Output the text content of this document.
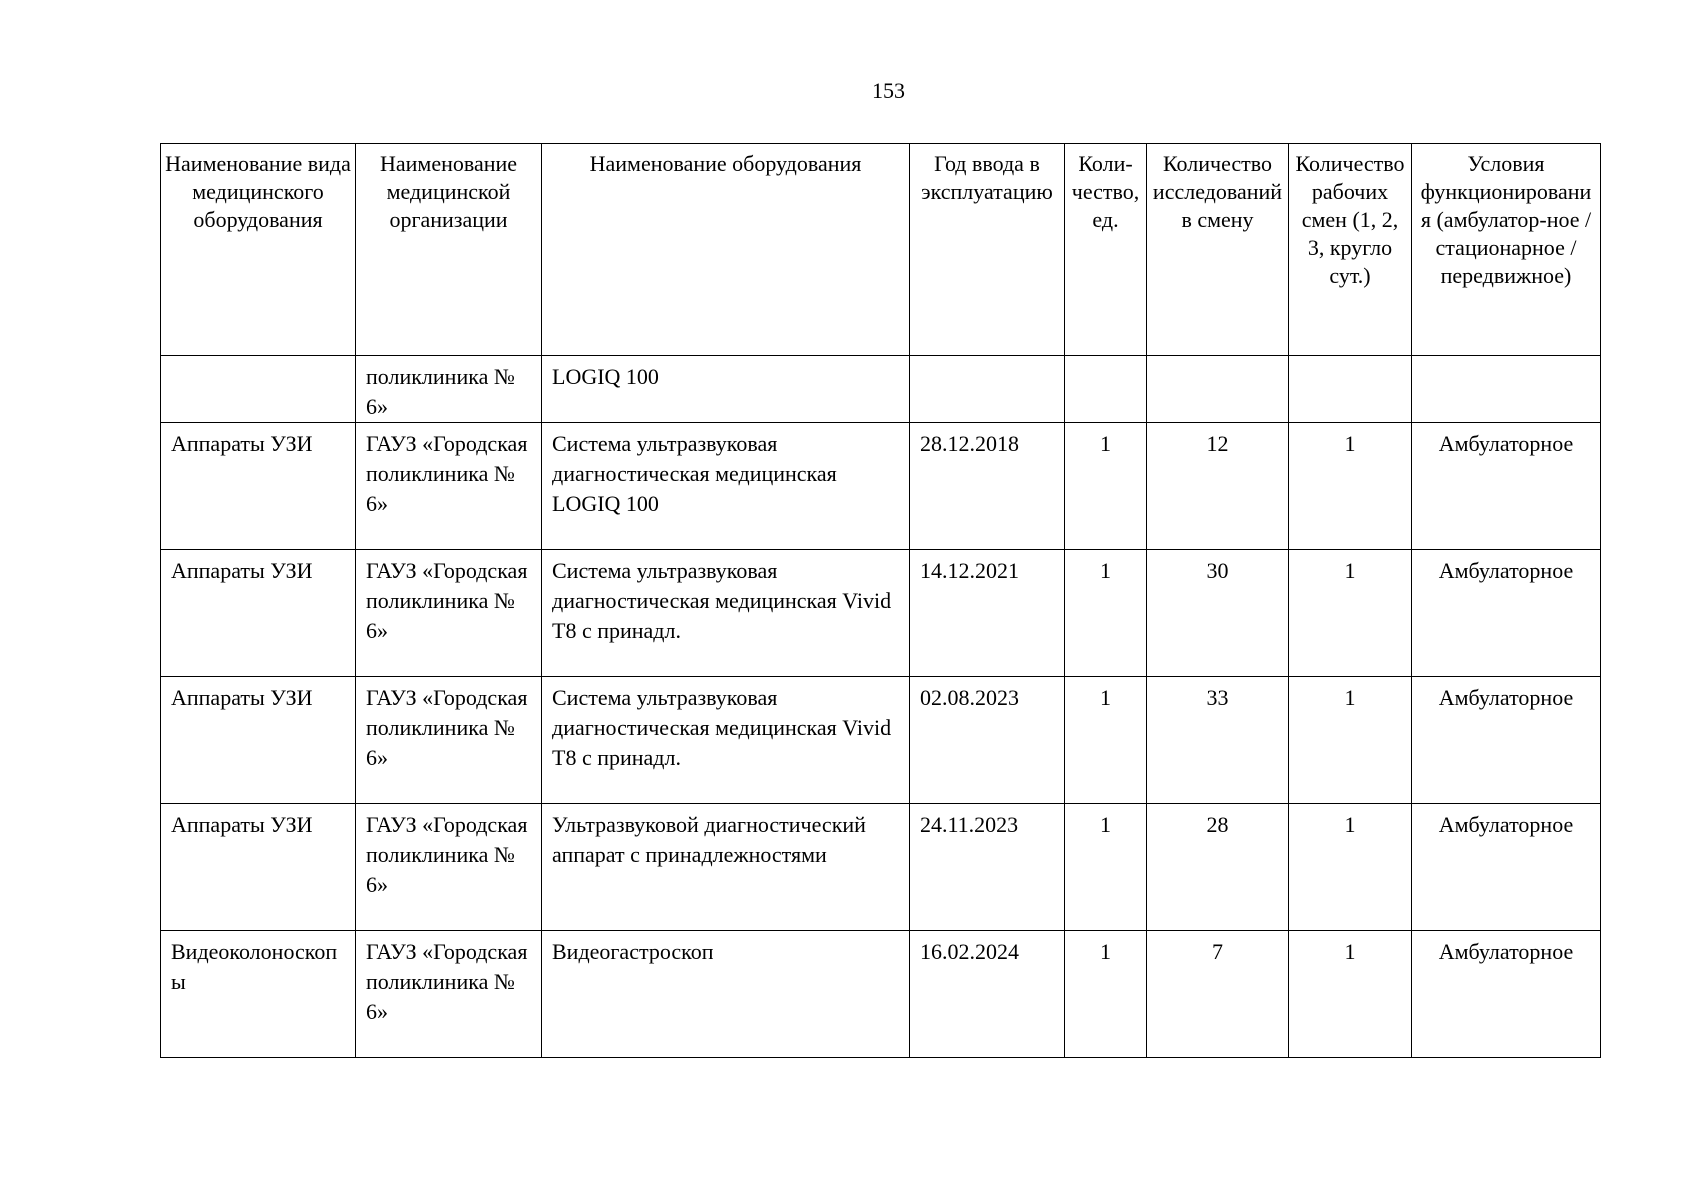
153
Наименование вида медицинского оборудования	Наименование медицинской организации	Наименование оборудования	Год ввода в эксплуатацию	Коли-чество, ед.	Количество исследований в смену	Количество рабочих смен (1, 2, 3, кругло сут.)	Условия функционирования (амбулатор-ное / стационарное / передвижное)
	поликлиника № 6»	LOGIQ 100					
Аппараты УЗИ	ГАУЗ «Городская поликлиника № 6»	Система ультразвуковая диагностическая медицинская LOGIQ 100	28.12.2018	1	12	1	Амбулаторное
Аппараты УЗИ	ГАУЗ «Городская поликлиника № 6»	Система ультразвуковая диагностическая медицинская Vivid T8 с принадл.	14.12.2021	1	30	1	Амбулаторное
Аппараты УЗИ	ГАУЗ «Городская поликлиника № 6»	Система ультразвуковая диагностическая медицинская Vivid T8 с принадл.	02.08.2023	1	33	1	Амбулаторное
Аппараты УЗИ	ГАУЗ «Городская поликлиника № 6»	Ультразвуковой диагностический аппарат с принадлежностями	24.11.2023	1	28	1	Амбулаторное
Видеоколоноскопы	ГАУЗ «Городская поликлиника № 6»	Видеогастроскоп	16.02.2024	1	7	1	Амбулаторное
